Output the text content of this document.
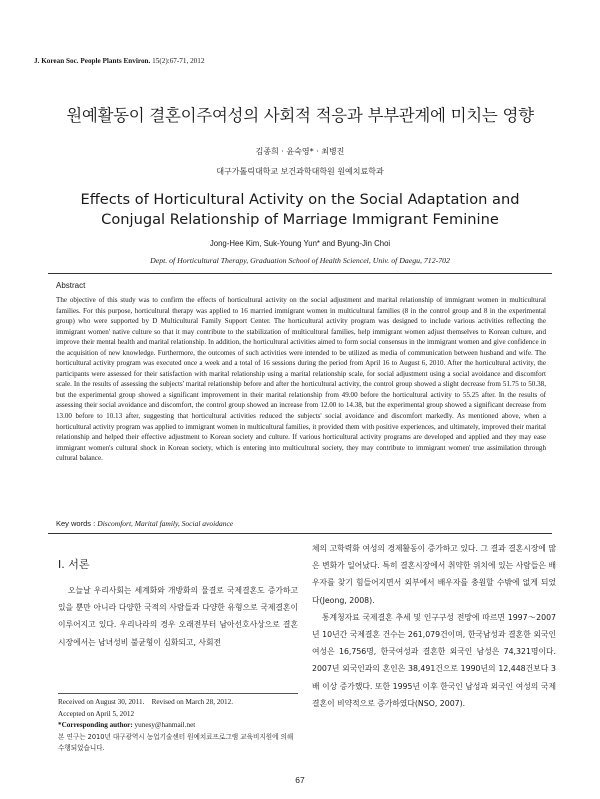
J. Korean Soc. People Plants Environ. 15(2):67-71, 2012
원예활동이 결혼이주여성의 사회적 적응과 부부관계에 미치는 영향
김종희 · 윤숙영* · 최병진
대구가톨릭대학교 보건과학대학원 원예치료학과
Effects of Horticultural Activity on the Social Adaptation and
Conjugal Relationship of Marriage Immigrant Feminine
Jong-Hee Kim, Suk-Young Yun* and Byung-Jin Choi
Dept. of Horticultural Therapy, Graduation School of Health Sciencel, Univ. of Daegu, 712-702
Abstract
The objective of this study was to confirm the effects of horticultural activity on the social adjustment and marital relationship of immigrant women in multicultural families. For this purpose, horticultural therapy was applied to 16 married immigrant women in multicultural families (8 in the control group and 8 in the experimental group) who were supported by D Multicultural Family Support Center. The horticultural activity program was designed to include various activities reflecting the immigrant women' native culture so that it may contribute to the stabilization of multicultural families, help immigrant women adjust themselves to Korean culture, and improve their mental health and marital relationship. In addition, the horticultural activities aimed to form social consensus in the immigrant women and give confidence in the acquisition of new knowledge. Furthermore, the outcomes of such activities were intended to be utilized as media of communication between husband and wife. The horticultural activity program was executed once a week and a total of 16 sessions during the period from April 16 to August 6, 2010. After the horticultural activity, the participants were assessed for their satisfaction with marital relationship using a marital relationship scale, for social adjustment using a social avoidance and discomfort scale. In the results of assessing the subjects' marital relationship before and after the horticultural activity, the control group showed a slight decrease from 51.75 to 50.38, but the experimental group showed a significant improvement in their marital relationship from 49.00 before the horticultural activity to 55.25 after. In the results of assessing their social avoidance and discomfort, the control group showed an increase from 12.00 to 14.38, but the experimental group showed a significant decrease from 13.00 before to 10.13 after, suggesting that horticultural activities reduced the subjects' social avoidance and discomfort markedly. As mentioned above, when a horticultural activity program was applied to immigrant women in multicultural families, it provided them with positive experiences, and ultimately, improved their marital relationship and helped their effective adjustment to Korean society and culture. If various horticultural activity programs are developed and applied and they may ease immigrant women's cultural shock in Korean society, which is entering into multicultural society, they may contribute to immigrant women' true assimilation through cultural balance.
Key words : Discomfort, Marital family, Social avoidance
Ⅰ. 서론

오늘날 우리사회는 세계화와 개방화의 물결로 국제결혼도 증가하고 있을 뿐만 아니라 다양한 국적의 사람들과 다양한 유형으로 국제결혼이 이루어지고 있다. 우리나라의 경우 오래전부터 남아선호사상으로 결혼시장에서는 남녀성비 불균형이 심화되고, 사회전

체의 고학력화 여성의 경제활동이 증가하고 있다. 그 결과 결혼시장에 많은 변화가 일어났다. 특히 결혼시장에서 취약한 위치에 있는 사람들은 배우자를 찾기 힘들어지면서 외부에서 배우자를 충원할 수밖에 없게 되었다(Jeong, 2008).

통계청자료 국제결혼 추세 및 인구구성 전망에 따르면 1997～2007년 10년간 국제결혼 건수는 261,079건이며, 한국남성과 결혼한 외국인 여성은 16,756명, 한국여성과 결혼한 외국인 남성은 74,321명이다. 2007년 외국인과의 혼인은 38,491건으로 1990년의 12,448건보다 3배 이상 증가했다. 또한 1995년 이후 한국인 남성과 외국인 여성의 국제결혼이 비약적으로 증가하였다(NSO, 2007).

Received on August 30, 2011. Revised on March 28, 2012.
Accepted on April 5, 2012
*Corresponding author: yunesy@hanmail.net
본 연구는 2010년 대구광역시 농업기술센터 원예치료프로그램 교육비지원에 의해 수행되었습니다.
67
